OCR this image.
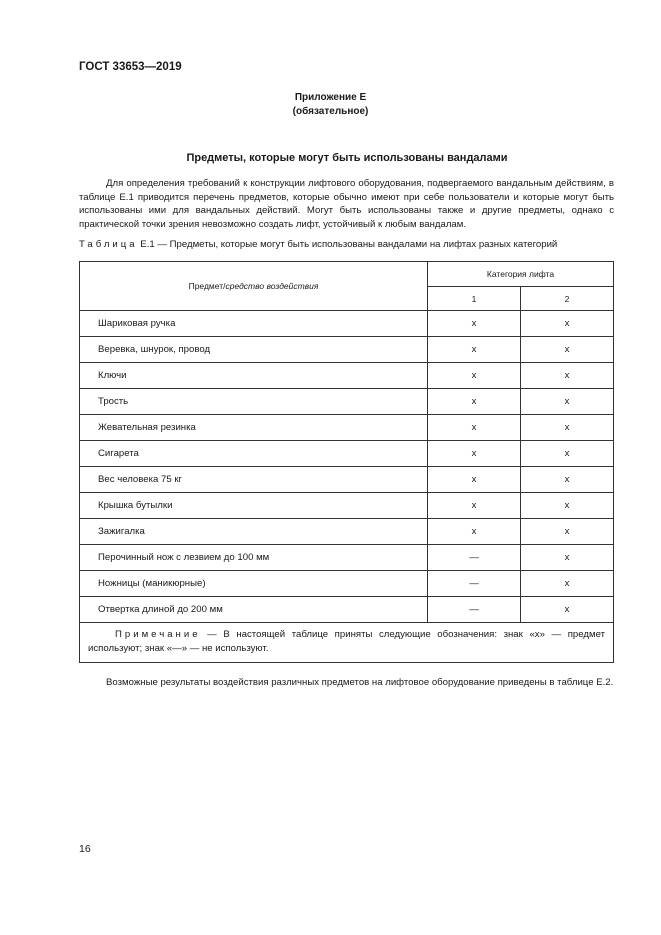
ГОСТ 33653—2019
Приложение Е
(обязательное)
Предметы, которые могут быть использованы вандалами
Для определения требований к конструкции лифтового оборудования, подвергаемого вандальным действиям, в таблице Е.1 приводится перечень предметов, которые обычно имеют при себе пользователи и которые могут быть использованы ими для вандальных действий. Могут быть использованы также и другие предметы, однако с практической точки зрения невозможно создать лифт, устойчивый к любым вандалам.
Таблица Е.1 — Предметы, которые могут быть использованы вандалами на лифтах разных категорий
Предмет/средство воздействия	Категория лифта	
	1	2
Шариковая ручка	x	x
Веревка, шнурок, провод	x	x
Ключи	x	x
Трость	x	x
Жевательная резинка	x	x
Сигарета	x	x
Вес человека 75 кг	x	x
Крышка бутылки	x	x
Зажигалка	x	x
Перочинный нож с лезвием до 100 мм	—	x
Ножницы (маникюрные)	—	x
Отвертка длиной до 200 мм	—	x
Примечание — В настоящей таблице приняты следующие обозначения: знак «x» — предмет используют; знак «—» — не используют.		
Возможные результаты воздействия различных предметов на лифтовое оборудование приведены в таблице Е.2.
16
